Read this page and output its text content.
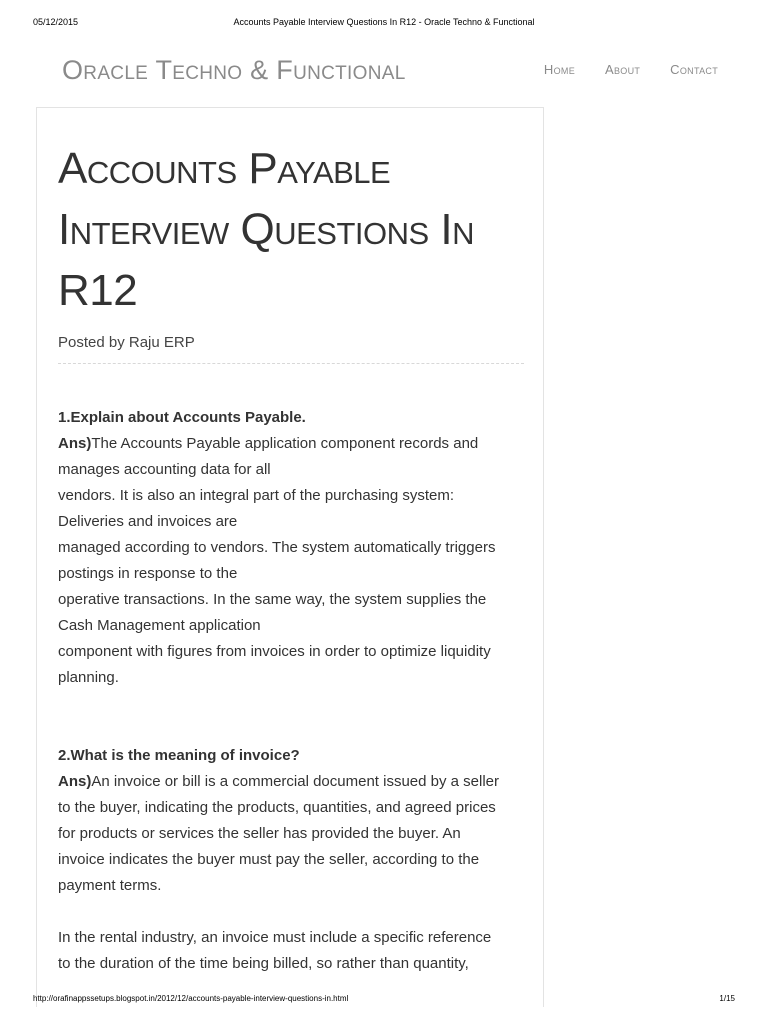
05/12/2015	Accounts Payable Interview Questions In R12 - Oracle Techno & Functional
Oracle Techno & Functional	Home About Contact
Accounts Payable Interview Questions In R12

Posted by Raju ERP

1.Explain about Accounts Payable.

Ans)The Accounts Payable application component records and
manages accounting data for all
vendors. It is also an integral part of the purchasing system:
Deliveries and invoices are
managed according to vendors. The system automatically triggers
postings in response to the
operative transactions. In the same way, the system supplies the
Cash Management application
component with figures from invoices in order to optimize liquidity
planning.

2.What is the meaning of invoice?

Ans)An invoice or bill is a commercial document issued by a seller
to the buyer, indicating the products, quantities, and agreed prices
for products or services the seller has provided the buyer. An
invoice indicates the buyer must pay the seller, according to the
payment terms.

In the rental industry, an invoice must include a specific reference
to the duration of the time being billed, so rather than quantity,

http://orafinappssetups.blogspot.in/2012/12/accounts-payable-interview-questions-in.html	1/15
